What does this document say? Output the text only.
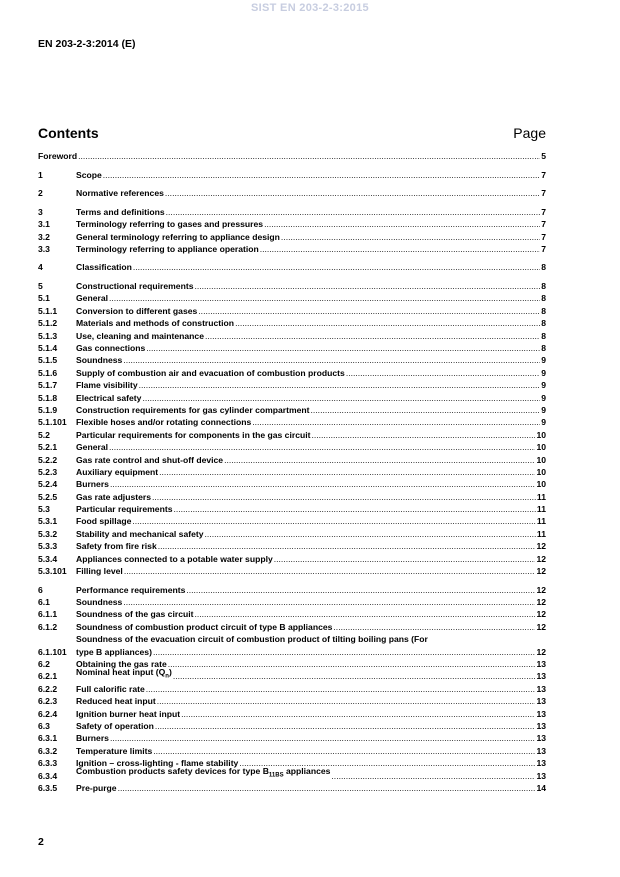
SIST EN 203-2-3:2015
EN 203-2-3:2014 (E)
Contents	Page
Foreword .....	5
1	Scope .....	7
2	Normative references .....	7
3	Terms and definitions .....	7
3.1	Terminology referring to gases and pressures .....	7
3.2	General terminology referring to appliance design .....	7
3.3	Terminology referring to appliance operation .....	7
4	Classification .....	8
5	Constructional requirements .....	8
5.1	General .....	8
5.1.1	Conversion to different gases .....	8
5.1.2	Materials and methods of construction .....	8
5.1.3	Use, cleaning and maintenance .....	8
5.1.4	Gas connections .....	8
5.1.5	Soundness .....	9
5.1.6	Supply of combustion air and evacuation of combustion products .....	9
5.1.7	Flame visibility .....	9
5.1.8	Electrical safety .....	9
5.1.9	Construction requirements for gas cylinder compartment .....	9
5.1.101	Flexible hoses and/or rotating connections .....	9
5.2	Particular requirements for components in the gas circuit .....	10
5.2.1	General .....	10
5.2.2	Gas rate control and shut-off device .....	10
5.2.3	Auxiliary equipment .....	10
5.2.4	Burners .....	10
5.2.5	Gas rate adjusters .....	11
5.3	Particular requirements .....	11
5.3.1	Food spillage .....	11
5.3.2	Stability and mechanical safety .....	11
5.3.3	Safety from fire risk .....	12
5.3.4	Appliances connected to a potable water supply .....	12
5.3.101	Filling level .....	12
6	Performance requirements .....	12
6.1	Soundness .....	12
6.1.1	Soundness of the gas circuit .....	12
6.1.2	Soundness of combustion product circuit of type B appliances .....	12
6.1.101
Soundness of the evacuation circuit of combustion product of tilting boiling pans (For
type B appliances) .....	12
6.2	Obtaining the gas rate .....	13
6.2.1	Nominal heat input $(Q_n)$ .....	13
6.2.2	Full calorific rate .....	13
6.2.3	Reduced heat input .....	13
6.2.4	Ignition burner heat input .....	13
6.3	Safety of operation .....	13
6.3.1	Burners .....	13
6.3.2	Temperature limits .....	13
6.3.3	Ignition – cross-lighting - flame stability .....	13
6.3.4	Combustion products safety devices for type $B_{11BS}$ appliances .....	13
6.3.5	Pre-purge .....	14
2
